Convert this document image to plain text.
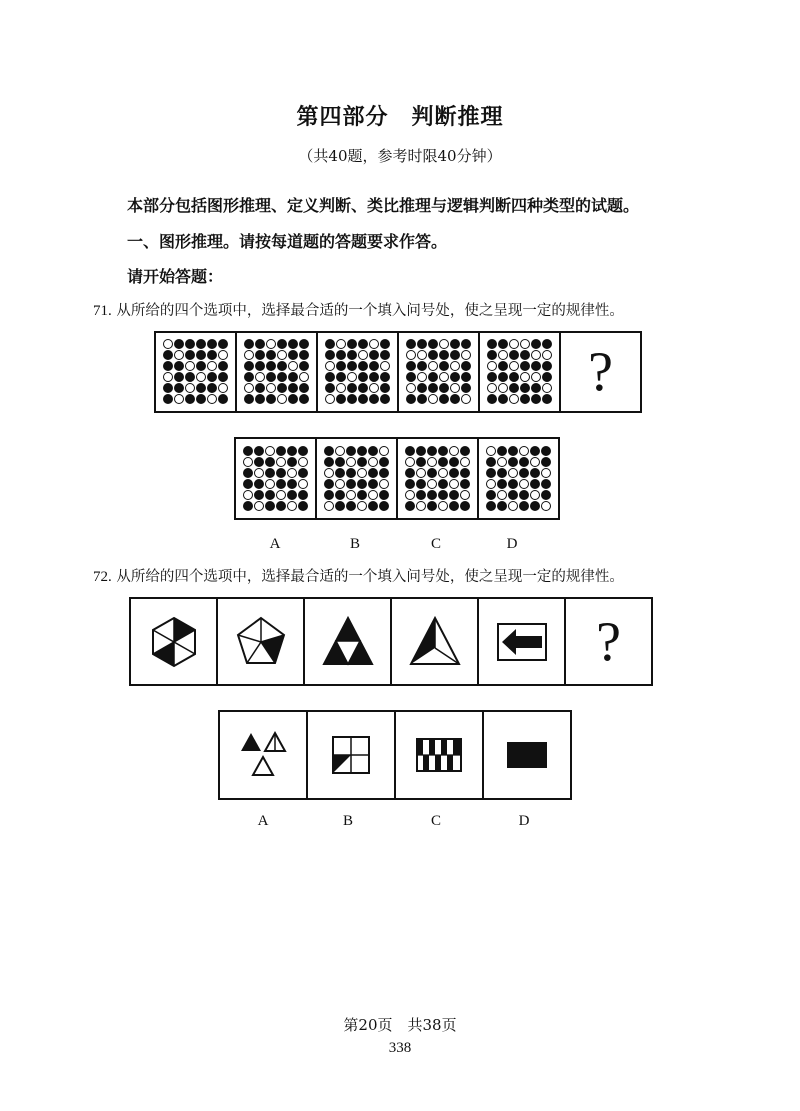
第四部分　判断推理
（共40题，参考时限40分钟）
本部分包括图形推理、定义判断、类比推理与逻辑判断四种类型的试题。
一、图形推理。请按每道题的答题要求作答。
请开始答题：
71. 从所给的四个选项中，选择最合适的一个填入问号处，使之呈现一定的规律性。
?
A	B	C	D
72. 从所给的四个选项中，选择最合适的一个填入问号处，使之呈现一定的规律性。
?
A	B	C	D
第20页　共38页
338
